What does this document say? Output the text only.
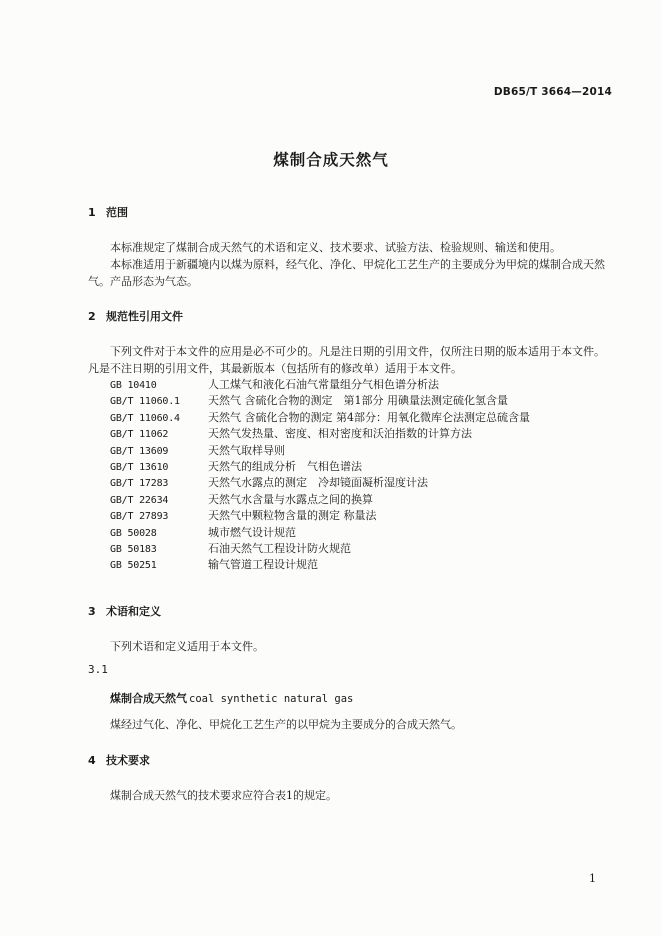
DB65/T 3664—2014
煤制合成天然气
1 范围
本标准规定了煤制合成天然气的术语和定义、技术要求、试验方法、检验规则、输送和使用。
本标准适用于新疆境内以煤为原料，经气化、净化、甲烷化工艺生产的主要成分为甲烷的煤制合成天然气。产品形态为气态。
2 规范性引用文件
下列文件对于本文件的应用是必不可少的。凡是注日期的引用文件，仅所注日期的版本适用于本文件。凡是不注日期的引用文件，其最新版本（包括所有的修改单）适用于本文件。
GB 10410	人工煤气和液化石油气常量组分气相色谱分析法
GB/T 11060.1	天然气 含硫化合物的测定　第1部分 用碘量法测定硫化氢含量
GB/T 11060.4	天然气 含硫化合物的测定 第4部分：用氧化微库仑法测定总硫含量
GB/T 11062	天然气发热量、密度、相对密度和沃泊指数的计算方法
GB/T 13609	天然气取样导则
GB/T 13610	天然气的组成分析　气相色谱法
GB/T 17283	天然气水露点的测定　冷却镜面凝析湿度计法
GB/T 22634	天然气水含量与水露点之间的换算
GB/T 27893	天然气中颗粒物含量的测定 称量法
GB 50028	城市燃气设计规范
GB 50183	石油天然气工程设计防火规范
GB 50251	输气管道工程设计规范
3 术语和定义
下列术语和定义适用于本文件。
3.1
煤制合成天然气 coal synthetic natural gas
煤经过气化、净化、甲烷化工艺生产的以甲烷为主要成分的合成天然气。
4 技术要求
煤制合成天然气的技术要求应符合表1的规定。
1
